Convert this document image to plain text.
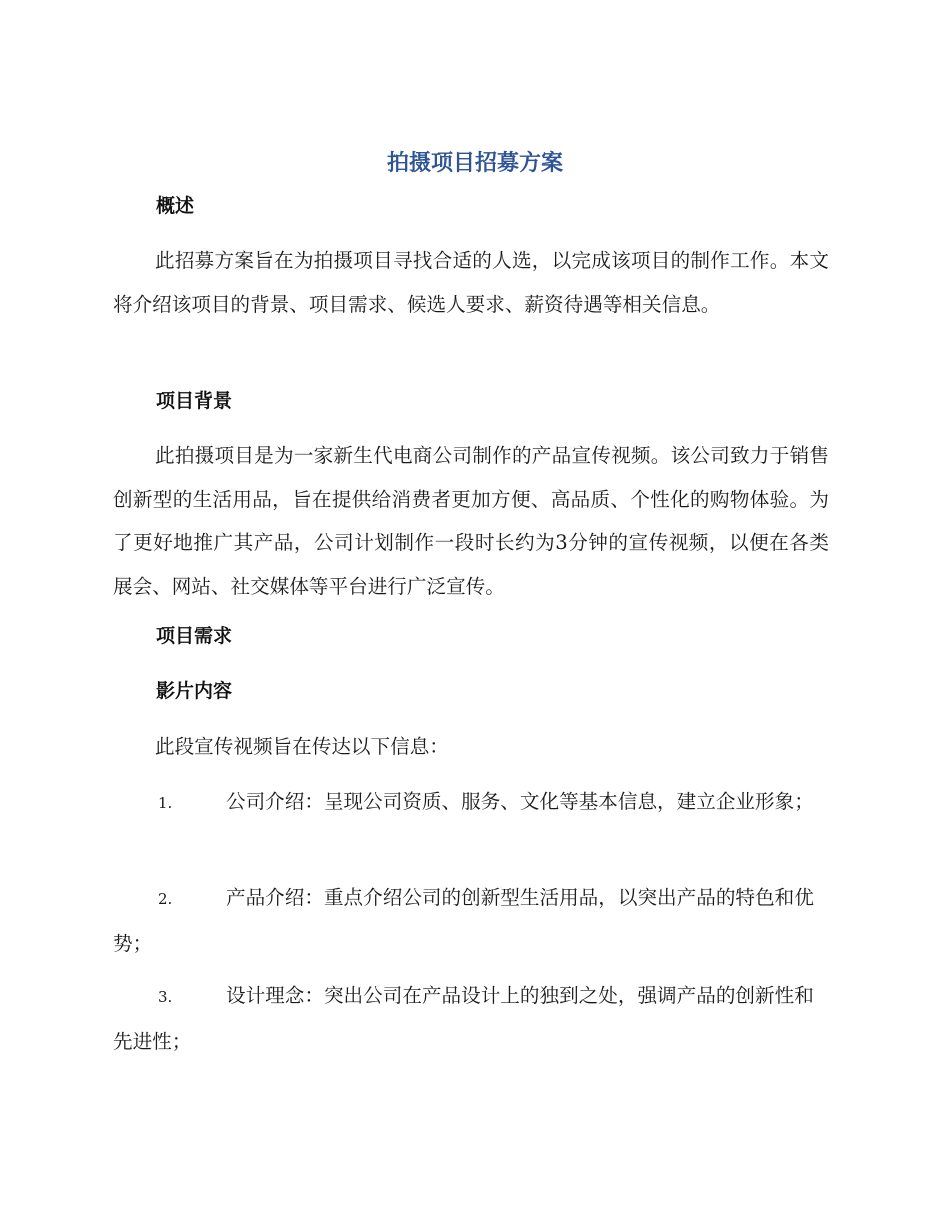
拍摄项目招募方案
概述
此招募方案旨在为拍摄项目寻找合适的人选，以完成该项目的制作工作。本文将介绍该项目的背景、项目需求、候选人要求、薪资待遇等相关信息。
项目背景
此拍摄项目是为一家新生代电商公司制作的产品宣传视频。该公司致力于销售创新型的生活用品，旨在提供给消费者更加方便、高品质、个性化的购物体验。为了更好地推广其产品，公司计划制作一段时长约为3分钟的宣传视频，以便在各类展会、网站、社交媒体等平台进行广泛宣传。
项目需求
影片内容
此段宣传视频旨在传达以下信息：
1.	公司介绍：呈现公司资质、服务、文化等基本信息，建立企业形象；
2.	产品介绍：重点介绍公司的创新型生活用品，以突出产品的特色和优势；
3.	设计理念：突出公司在产品设计上的独到之处，强调产品的创新性和先进性；
